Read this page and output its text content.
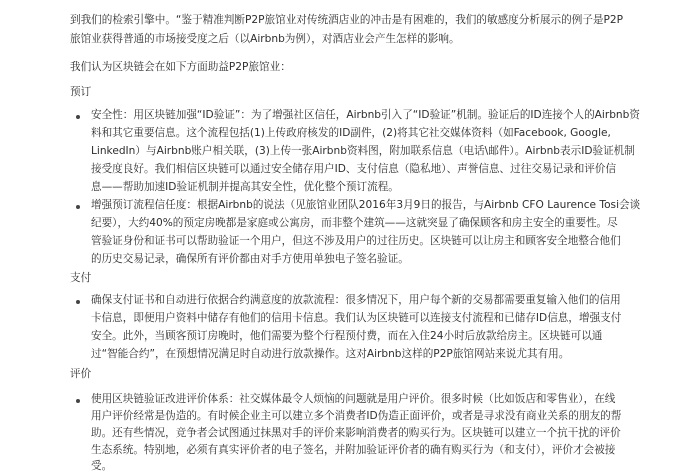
到我们的检索引擎中。“鉴于精准判断P2P旅馆业对传统酒店业的冲击是有困难的，我们的敏感度分析展示的例子是P2P
旅馆业获得普通的市场接受度之后（以Airbnb为例），对酒店业会产生怎样的影响。
我们认为区块链会在如下方面助益P2P旅馆业：
预订
安全性：用区块链加强“ID验证”：为了增强社区信任，Airbnb引入了“ID验证”机制。验证后的ID连接个人的Airbnb资
料和其它重要信息。这个流程包括(1)上传政府核发的ID副件，(2)将其它社交媒体资料（如Facebook, Google,
LinkedIn）与Airbnb账户相关联，(3)上传一张Airbnb资料图，附加联系信息（电话\邮件）。Airbnb表示ID验证机制
接受度良好。我们相信区块链可以通过安全储存用户ID、支付信息（隐私地）、声誉信息、过往交易记录和评价信
息——帮助加速ID验证机制并提高其安全性，优化整个预订流程。
增强预订流程信任度：根据Airbnb的说法（见旅馆业团队2016年3月9日的报告，与Airbnb CFO Laurence Tosi会谈
纪要），大约40%的预定房晚都是家庭或公寓房，而非整个建筑——这就突显了确保顾客和房主安全的重要性。尽
管验证身份和证书可以帮助验证一个用户，但这不涉及用户的过往历史。区块链可以让房主和顾客安全地整合他们
的历史交易记录，确保所有评价都由对手方使用单独电子签名验证。
支付
确保支付证书和自动进行依据合约满意度的放款流程：很多情况下，用户每个新的交易都需要重复输入他们的信用
卡信息，即便用户资料中储存有他们的信用卡信息。我们认为区块链可以连接支付流程和已储存ID信息，增强支付
安全。此外，当顾客预订房晚时，他们需要为整个行程预付费，而在入住24小时后放款给房主。区块链可以通
过“智能合约”，在预想情况满足时自动进行放款操作。这对Airbnb这样的P2P旅馆网站来说尤其有用。
评价
使用区块链验证改进评价体系：社交媒体最令人烦恼的问题就是用户评价。很多时候（比如饭店和零售业），在线
用户评价经常是伪造的。有时候企业主可以建立多个消费者ID伪造正面评价，或者是寻求没有商业关系的朋友的帮
助。还有些情况，竞争者会试图通过抹黑对手的评价来影响消费者的购买行为。区块链可以建立一个抗干扰的评价
生态系统。特别地，必须有真实评价者的电子签名，并附加验证评价者的确有购买行为（和支付），评价才会被接
受。
